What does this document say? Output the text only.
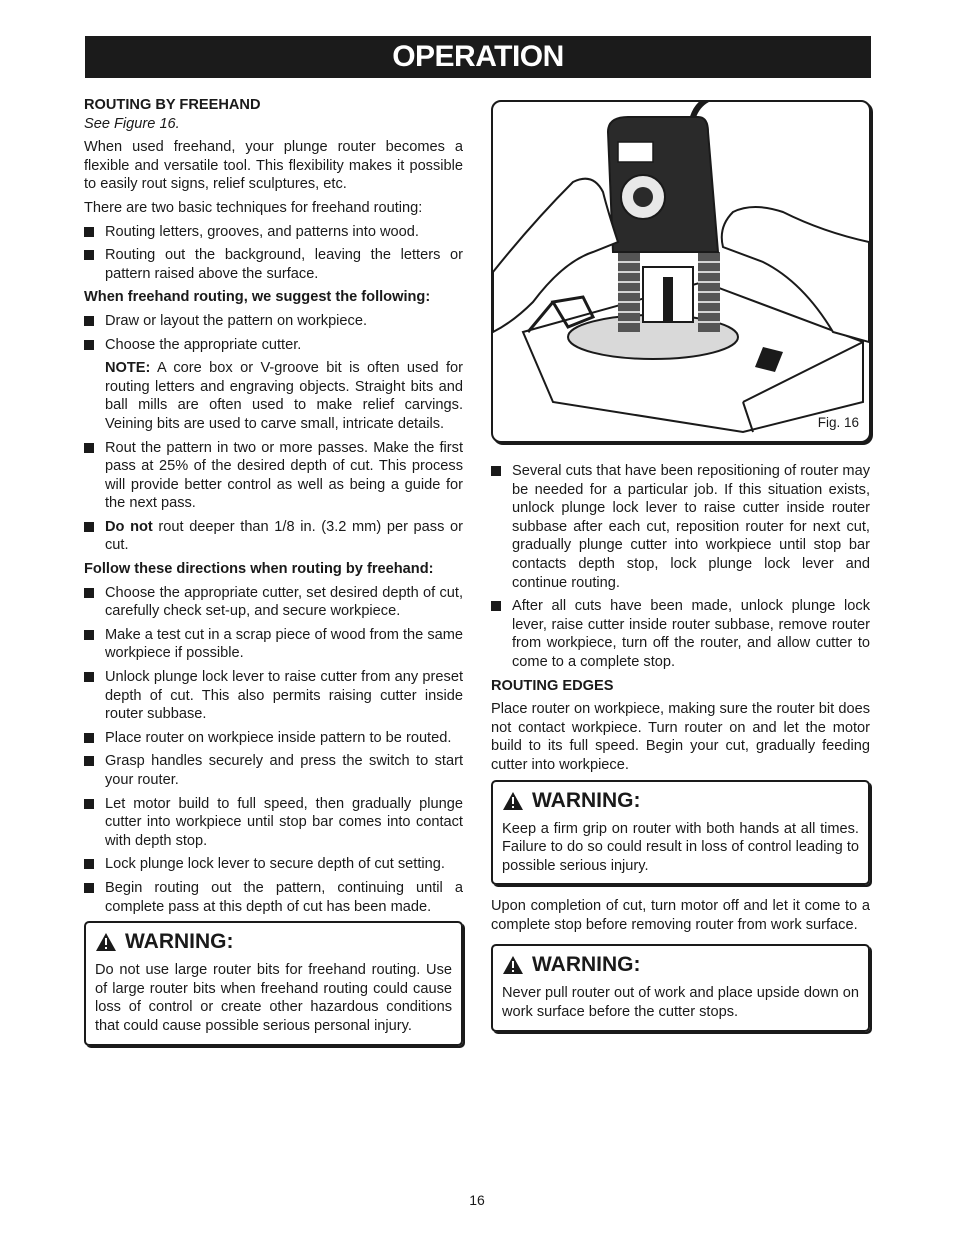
OPERATION

ROUTING BY FREEHAND

See Figure 16.

When used freehand, your plunge router becomes a flexible and versatile tool. This flexibility makes it possible to easily rout signs, relief sculptures, etc.

There are two basic techniques for freehand routing:

Routing letters, grooves, and patterns into wood.
Routing out the background, leaving the letters or pattern raised above the surface.

When freehand routing, we suggest the following:

Draw or layout the pattern on workpiece.
Choose the appropriate cutter.
NOTE: A core box or V-groove bit is often used for routing letters and engraving objects. Straight bits and ball mills are often used to make relief carvings. Veining bits are used to carve small, intricate details.
Rout the pattern in two or more passes. Make the first pass at 25% of the desired depth of cut. This process will provide better control as well as being a guide for the next pass.
Do not rout deeper than 1/8 in. (3.2 mm) per pass or cut.

Follow these directions when routing by freehand:

Choose the appropriate cutter, set desired depth of cut, carefully check set-up, and secure workpiece.
Make a test cut in a scrap piece of wood from the same workpiece if possible.
Unlock plunge lock lever to raise cutter from any preset depth of cut. This also permits raising cutter inside router subbase.
Place router on workpiece inside pattern to be routed.
Grasp handles securely and press the switch to start your router.
Let motor build to full speed, then gradually plunge cutter into workpiece until stop bar comes into contact with depth stop.
Lock plunge lock lever to secure depth of cut setting.
Begin routing out the pattern, continuing until a complete pass at this depth of cut has been made.
WARNING:

Do not use large router bits for freehand routing. Use of large router bits when freehand routing could cause loss of control or create other hazardous conditions that could cause possible serious personal injury.

Fig. 16
Several cuts that have been repositioning of router may be needed for a particular job. If this situation exists, unlock plunge lock lever to raise cutter inside router subbase after each cut, reposition router for next cut, gradually plunge cutter into workpiece until stop bar contacts depth stop, lock plunge lock lever and continue routing.
After all cuts have been made, unlock plunge lock lever, raise cutter inside router subbase, remove router from workpiece, turn off the router, and allow cutter to come to a complete stop.

ROUTING EDGES

Place router on workpiece, making sure the router bit does not contact workpiece. Turn router on and let the motor build to its full speed. Begin your cut, gradually feeding cutter into workpiece.

WARNING:

Keep a firm grip on router with both hands at all times. Failure to do so could result in loss of control leading to possible serious injury.

Upon completion of cut, turn motor off and let it come to a complete stop before removing router from work surface.

WARNING:

Never pull router out of work and place upside down on work surface before the cutter stops.

16
